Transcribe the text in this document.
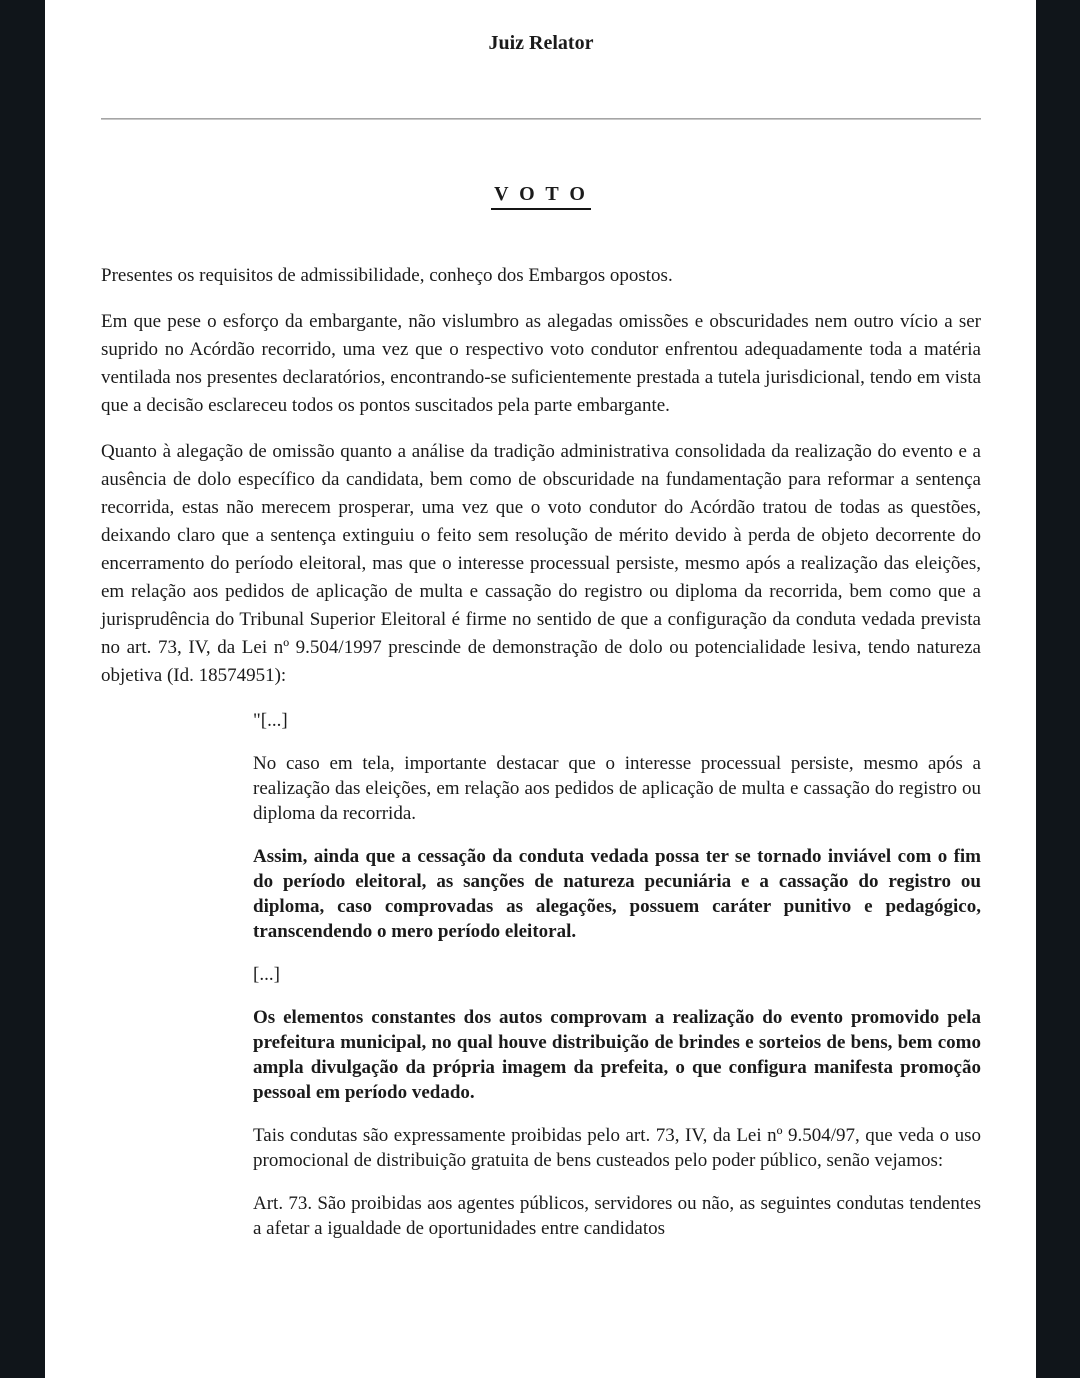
Juiz Relator
V O T O

Presentes os requisitos de admissibilidade, conheço dos Embargos opostos.

Em que pese o esforço da embargante, não vislumbro as alegadas omissões e obscuridades nem outro vício a ser suprido no Acórdão recorrido, uma vez que o respectivo voto condutor enfrentou adequadamente toda a matéria ventilada nos presentes declaratórios, encontrando-se suficientemente prestada a tutela jurisdicional, tendo em vista que a decisão esclareceu todos os pontos suscitados pela parte embargante.

Quanto à alegação de omissão quanto a análise da tradição administrativa consolidada da realização do evento e a ausência de dolo específico da candidata, bem como de obscuridade na fundamentação para reformar a sentença recorrida, estas não merecem prosperar, uma vez que o voto condutor do Acórdão tratou de todas as questões, deixando claro que a sentença extinguiu o feito sem resolução de mérito devido à perda de objeto decorrente do encerramento do período eleitoral, mas que o interesse processual persiste, mesmo após a realização das eleições, em relação aos pedidos de aplicação de multa e cassação do registro ou diploma da recorrida, bem como que a jurisprudência do Tribunal Superior Eleitoral é firme no sentido de que a configuração da conduta vedada prevista no art. 73, IV, da Lei nº 9.504/1997 prescinde de demonstração de dolo ou potencialidade lesiva, tendo natureza objetiva (Id. 18574951):

"[...]

No caso em tela, importante destacar que o interesse processual persiste, mesmo após a realização das eleições, em relação aos pedidos de aplicação de multa e cassação do registro ou diploma da recorrida.

Assim, ainda que a cessação da conduta vedada possa ter se tornado inviável com o fim do período eleitoral, as sanções de natureza pecuniária e a cassação do registro ou diploma, caso comprovadas as alegações, possuem caráter punitivo e pedagógico, transcendendo o mero período eleitoral.

[...]

Os elementos constantes dos autos comprovam a realização do evento promovido pela prefeitura municipal, no qual houve distribuição de brindes e sorteios de bens, bem como ampla divulgação da própria imagem da prefeita, o que configura manifesta promoção pessoal em período vedado.

Tais condutas são expressamente proibidas pelo art. 73, IV, da Lei nº 9.504/97, que veda o uso promocional de distribuição gratuita de bens custeados pelo poder público, senão vejamos:

Art. 73. São proibidas aos agentes públicos, servidores ou não, as seguintes condutas tendentes a afetar a igualdade de oportunidades entre candidatos
